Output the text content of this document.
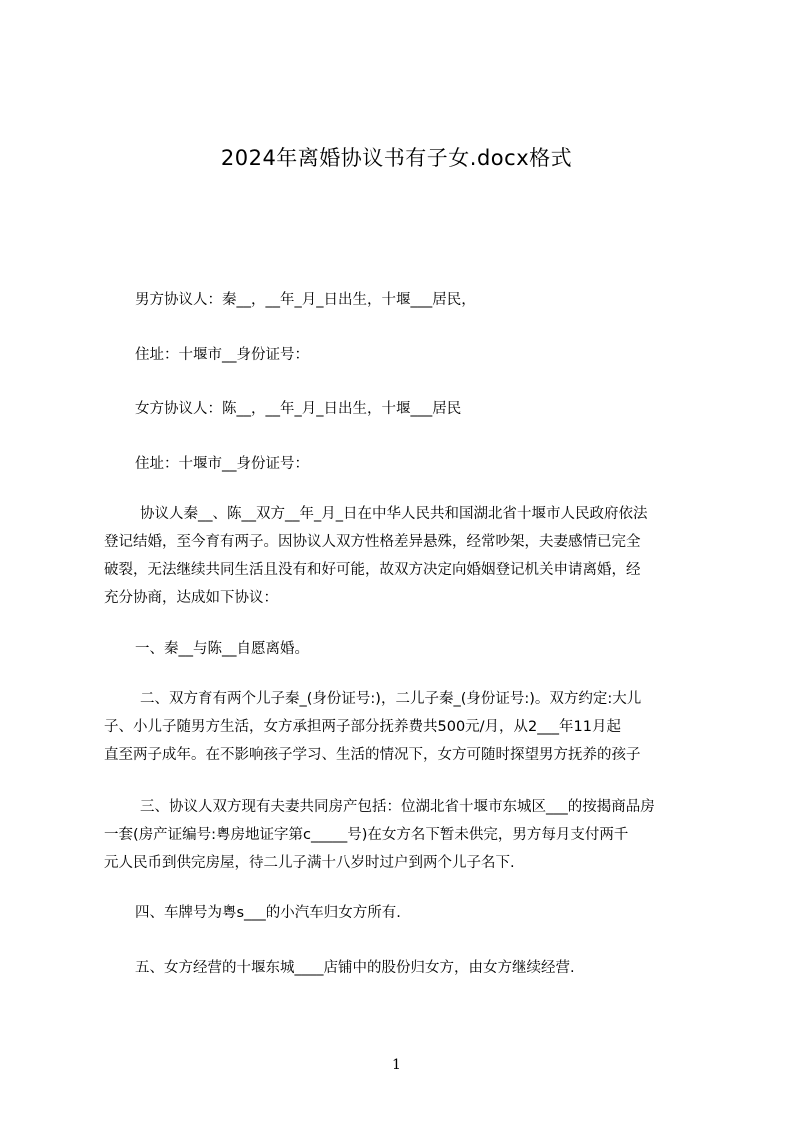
2024年离婚协议书有子女.docx格式
男方协议人：秦__，__年_月_日出生，十堰___居民，
住址：十堰市__身份证号：
女方协议人：陈__，__年_月_日出生，十堰___居民
住址：十堰市__身份证号：
协议人秦__、陈__双方__年_月_日在中华人民共和国湖北省十堰市人民政府依法
登记结婚，至今育有两子。因协议人双方性格差异悬殊，经常吵架，夫妻感情已完全
破裂，无法继续共同生活且没有和好可能，故双方决定向婚姻登记机关申请离婚，经
充分协商，达成如下协议：
一、秦__与陈__自愿离婚。
二、双方育有两个儿子秦_(身份证号:)，二儿子秦_(身份证号:)。双方约定:大儿
子、小儿子随男方生活，女方承担两子部分抚养费共500元/月，从2___年11月起
直至两子成年。在不影响孩子学习、生活的情况下，女方可随时探望男方抚养的孩子
三、协议人双方现有夫妻共同房产包括：位湖北省十堰市东城区___的按揭商品房
一套(房产证编号:粤房地证字第c_____号)在女方名下暂未供完，男方每月支付两千
元人民币到供完房屋，待二儿子满十八岁时过户到两个儿子名下.
四、车牌号为粤s___的小汽车归女方所有.
五、女方经营的十堰东城____店铺中的股份归女方，由女方继续经营.
1
